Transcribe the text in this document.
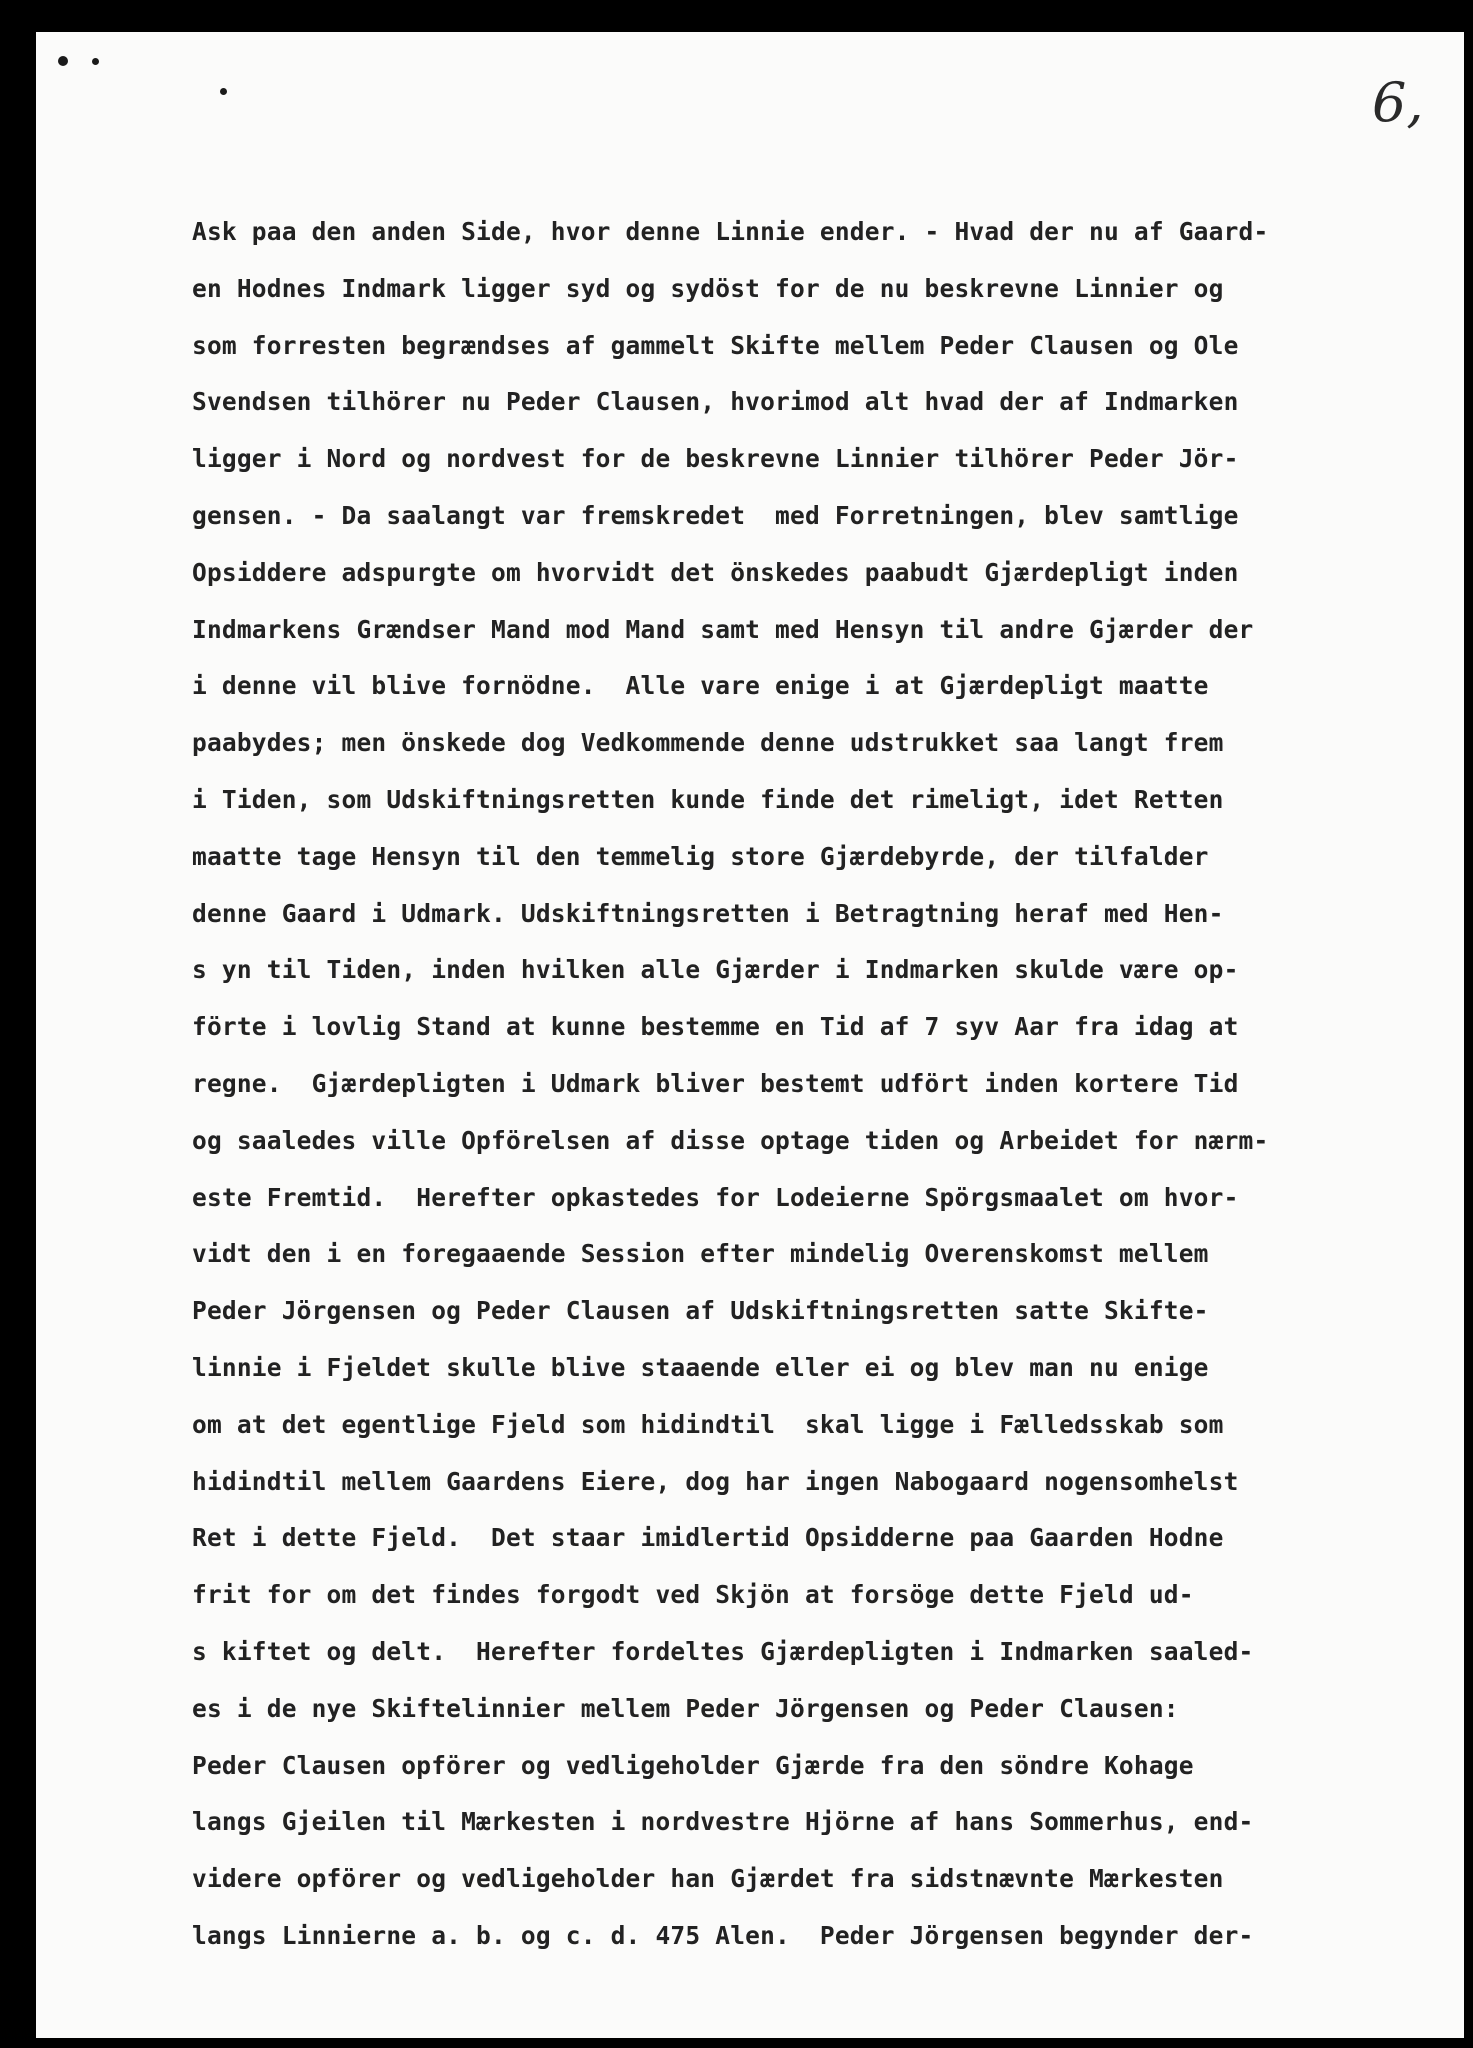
6,
Ask paa den anden Side, hvor denne Linnie ender. - Hvad der nu af Gaard-
en Hodnes Indmark ligger syd og sydöst for de nu beskrevne Linnier og
som forresten begrændses af gammelt Skifte mellem Peder Clausen og Ole
Svendsen tilhörer nu Peder Clausen, hvorimod alt hvad der af Indmarken
ligger i Nord og nordvest for de beskrevne Linnier tilhörer Peder Jör-
gensen. - Da saalangt var fremskredet  med Forretningen, blev samtlige
Opsiddere adspurgte om hvorvidt det önskedes paabudt Gjærdepligt inden
Indmarkens Grændser Mand mod Mand samt med Hensyn til andre Gjærder der
i denne vil blive fornödne.  Alle vare enige i at Gjærdepligt maatte
paabydes; men önskede dog Vedkommende denne udstrukket saa langt frem
i Tiden, som Udskiftningsretten kunde finde det rimeligt, idet Retten
maatte tage Hensyn til den temmelig store Gjærdebyrde, der tilfalder
denne Gaard i Udmark. Udskiftningsretten i Betragtning heraf med Hen-
s yn til Tiden, inden hvilken alle Gjærder i Indmarken skulde være op-
förte i lovlig Stand at kunne bestemme en Tid af 7 syv Aar fra idag at
regne.  Gjærdepligten i Udmark bliver bestemt udfört inden kortere Tid
og saaledes ville Opförelsen af disse optage tiden og Arbeidet for nærm-
este Fremtid.  Herefter opkastedes for Lodeierne Spörgsmaalet om hvor-
vidt den i en foregaaende Session efter mindelig Overenskomst mellem
Peder Jörgensen og Peder Clausen af Udskiftningsretten satte Skifte-
linnie i Fjeldet skulle blive staaende eller ei og blev man nu enige
om at det egentlige Fjeld som hidindtil  skal ligge i Fælledsskab som
hidindtil mellem Gaardens Eiere, dog har ingen Nabogaard nogensomhelst
Ret i dette Fjeld.  Det staar imidlertid Opsidderne paa Gaarden Hodne
frit for om det findes forgodt ved Skjön at forsöge dette Fjeld ud-
s kiftet og delt.  Herefter fordeltes Gjærdepligten i Indmarken saaled-
es i de nye Skiftelinnier mellem Peder Jörgensen og Peder Clausen:
Peder Clausen opförer og vedligeholder Gjærde fra den söndre Kohage
langs Gjeilen til Mærkesten i nordvestre Hjörne af hans Sommerhus, end-
videre opförer og vedligeholder han Gjærdet fra sidstnævnte Mærkesten
langs Linnierne a. b. og c. d. 475 Alen.  Peder Jörgensen begynder der-
